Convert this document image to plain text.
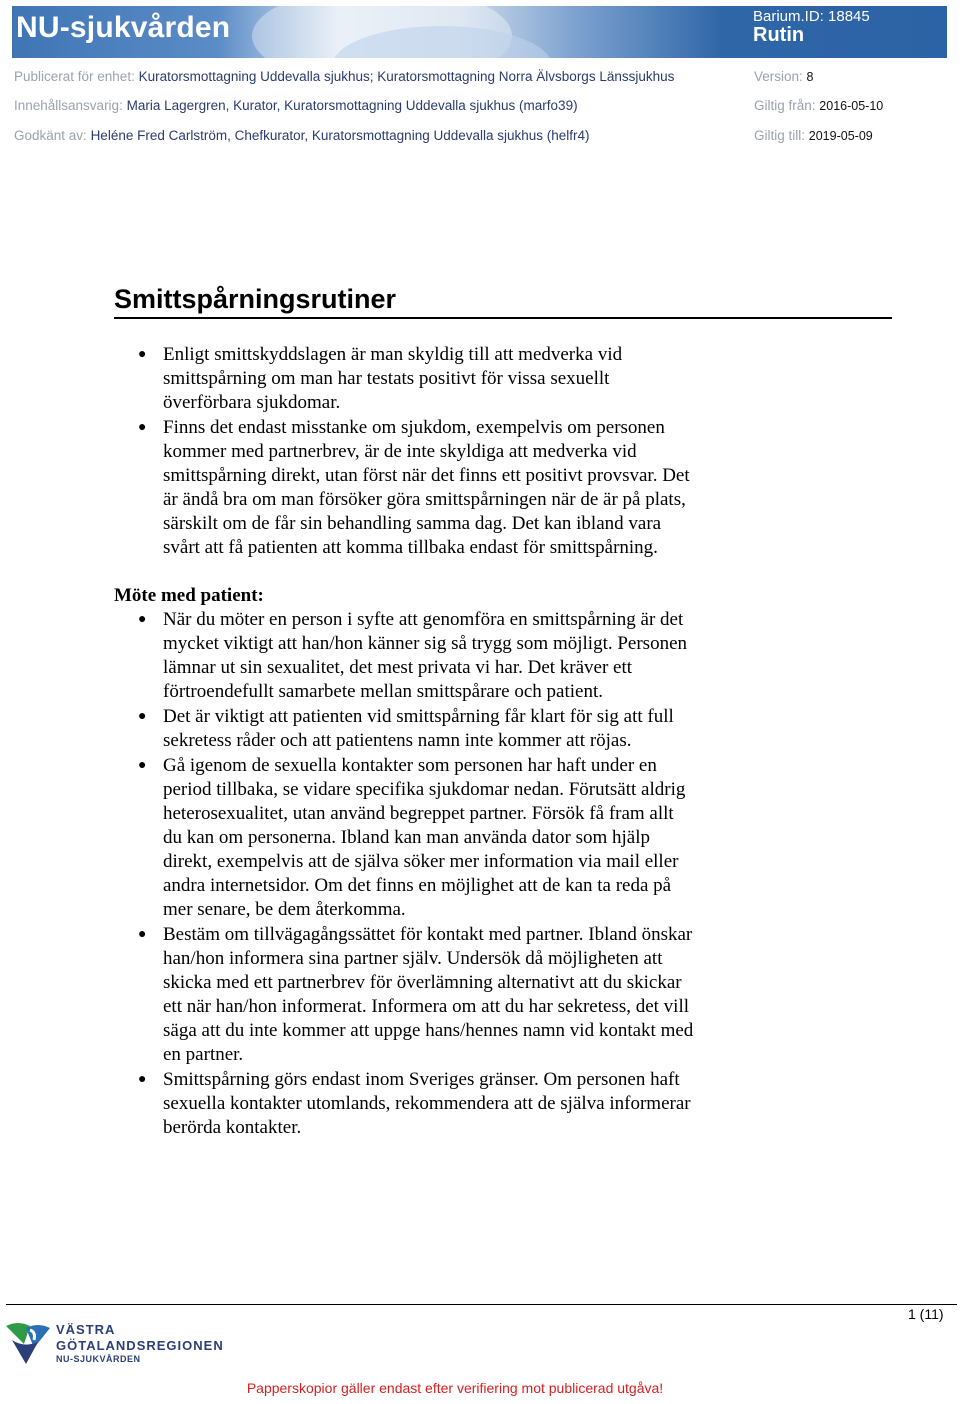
NU-sjukvården	Barium.ID: 18845
Rutin
Publicerat för enhet: Kuratorsmottagning Uddevalla sjukhus; Kuratorsmottagning Norra Älvsborgs Länssjukhus
Innehållsansvarig: Maria Lagergren, Kurator, Kuratorsmottagning Uddevalla sjukhus (marfo39)
Godkänt av: Heléne Fred Carlström, Chefkurator, Kuratorsmottagning Uddevalla sjukhus (helfr4)
Version: 8
Giltig från: 2016-05-10
Giltig till: 2019-05-09
Smittspårningsrutiner
● Enligt smittskyddslagen är man skyldig till att medverka vid smittspårning om man har testats positivt för vissa sexuellt överförbara sjukdomar.
● Finns det endast misstanke om sjukdom, exempelvis om personen kommer med partnerbrev, är de inte skyldiga att medverka vid smittspårning direkt, utan först när det finns ett positivt provsvar. Det är ändå bra om man försöker göra smittspårningen när de är på plats, särskilt om de får sin behandling samma dag. Det kan ibland vara svårt att få patienten att komma tillbaka endast för smittspårning.
Möte med patient:
● När du möter en person i syfte att genomföra en smittspårning är det mycket viktigt att han/hon känner sig så trygg som möjligt. Personen lämnar ut sin sexualitet, det mest privata vi har. Det kräver ett förtroendefullt samarbete mellan smittspårare och patient.
● Det är viktigt att patienten vid smittspårning får klart för sig att full sekretess råder och att patientens namn inte kommer att röjas.
● Gå igenom de sexuella kontakter som personen har haft under en period tillbaka, se vidare specifika sjukdomar nedan. Förutsätt aldrig heterosexualitet, utan använd begreppet partner. Försök få fram allt du kan om personerna. Ibland kan man använda dator som hjälp direkt, exempelvis att de själva söker mer information via mail eller andra internetsidor. Om det finns en möjlighet att de kan ta reda på mer senare, be dem återkomma.
● Bestäm om tillvägagångssättet för kontakt med partner. Ibland önskar han/hon informera sina partner själv. Undersök då möjligheten att skicka med ett partnerbrev för överlämning alternativt att du skickar ett när han/hon informerat. Informera om att du har sekretess, det vill säga att du inte kommer att uppge hans/hennes namn vid kontakt med en partner.
● Smittspårning görs endast inom Sveriges gränser. Om personen haft sexuella kontakter utomlands, rekommendera att de själva informerar berörda kontakter.
1 (11)
VÄSTRA
GÖTALANDSREGIONEN
NU-SJUKVÅRDEN
Papperskopior gäller endast efter verifiering mot publicerad utgåva!
